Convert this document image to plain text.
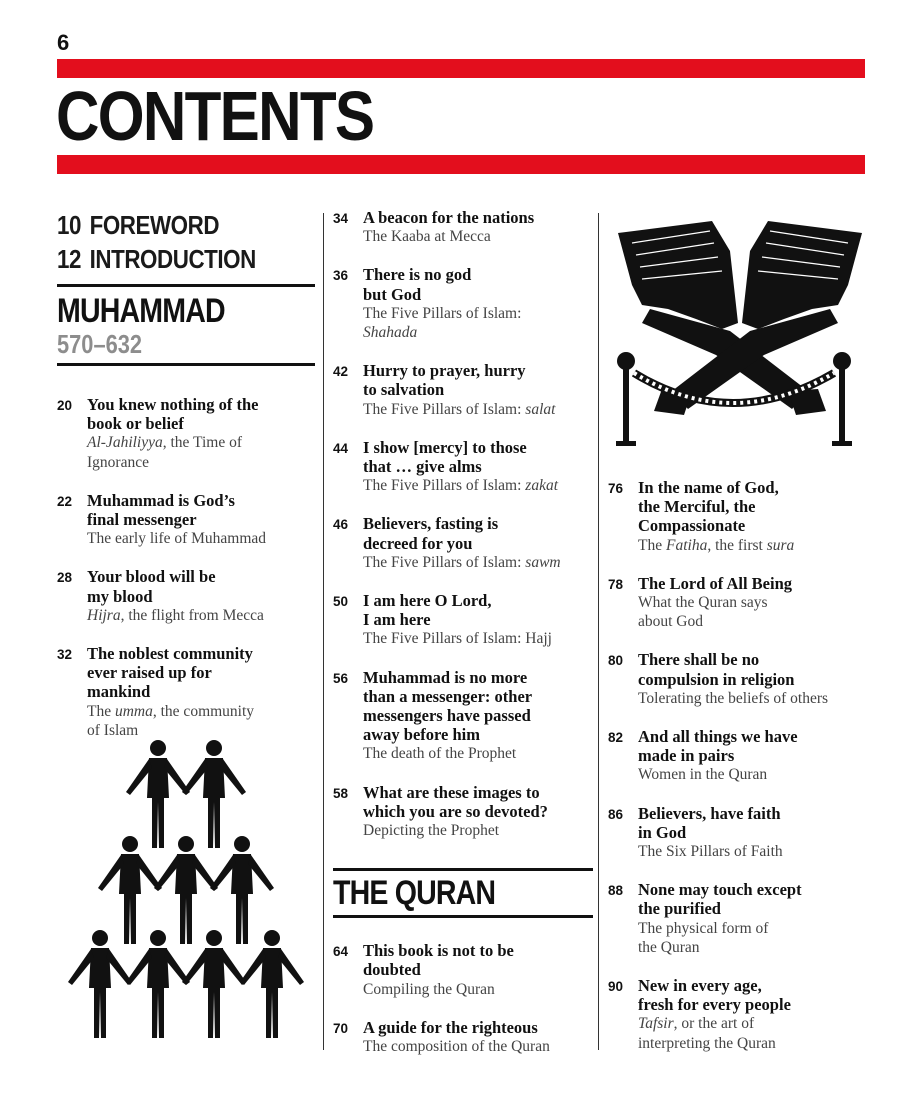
6
CONTENTS
10 FOREWORD
12 INTRODUCTION
MUHAMMAD
570–632
20 You knew nothing of the
book or belief
Al-Jahiliyya, the Time of
Ignorance
22 Muhammad is God’s
final messenger
The early life of Muhammad
28 Your blood will be
my blood
Hijra, the flight from Mecca
32 The noblest community
ever raised up for
mankind
The umma, the community
of Islam
34 A beacon for the nations
The Kaaba at Mecca
36 There is no god
but God
The Five Pillars of Islam:
Shahada
42 Hurry to prayer, hurry
to salvation
The Five Pillars of Islam: salat
44 I show [mercy] to those
that … give alms
The Five Pillars of Islam: zakat
46 Believers, fasting is
decreed for you
The Five Pillars of Islam: sawm
50 I am here O Lord,
I am here
The Five Pillars of Islam: Hajj
56 Muhammad is no more
than a messenger: other
messengers have passed
away before him
The death of the Prophet
58 What are these images to
which you are so devoted?
Depicting the Prophet
THE QURAN
64 This book is not to be
doubted
Compiling the Quran
70 A guide for the righteous
The composition of the Quran
76 In the name of God,
the Merciful, the
Compassionate
The Fatiha, the first sura
78 The Lord of All Being
What the Quran says
about God
80 There shall be no
compulsion in religion
Tolerating the beliefs of others
82 And all things we have
made in pairs
Women in the Quran
86 Believers, have faith
in God
The Six Pillars of Faith
88 None may touch except
the purified
The physical form of
the Quran
90 New in every age,
fresh for every people
Tafsir, or the art of
interpreting the Quran
